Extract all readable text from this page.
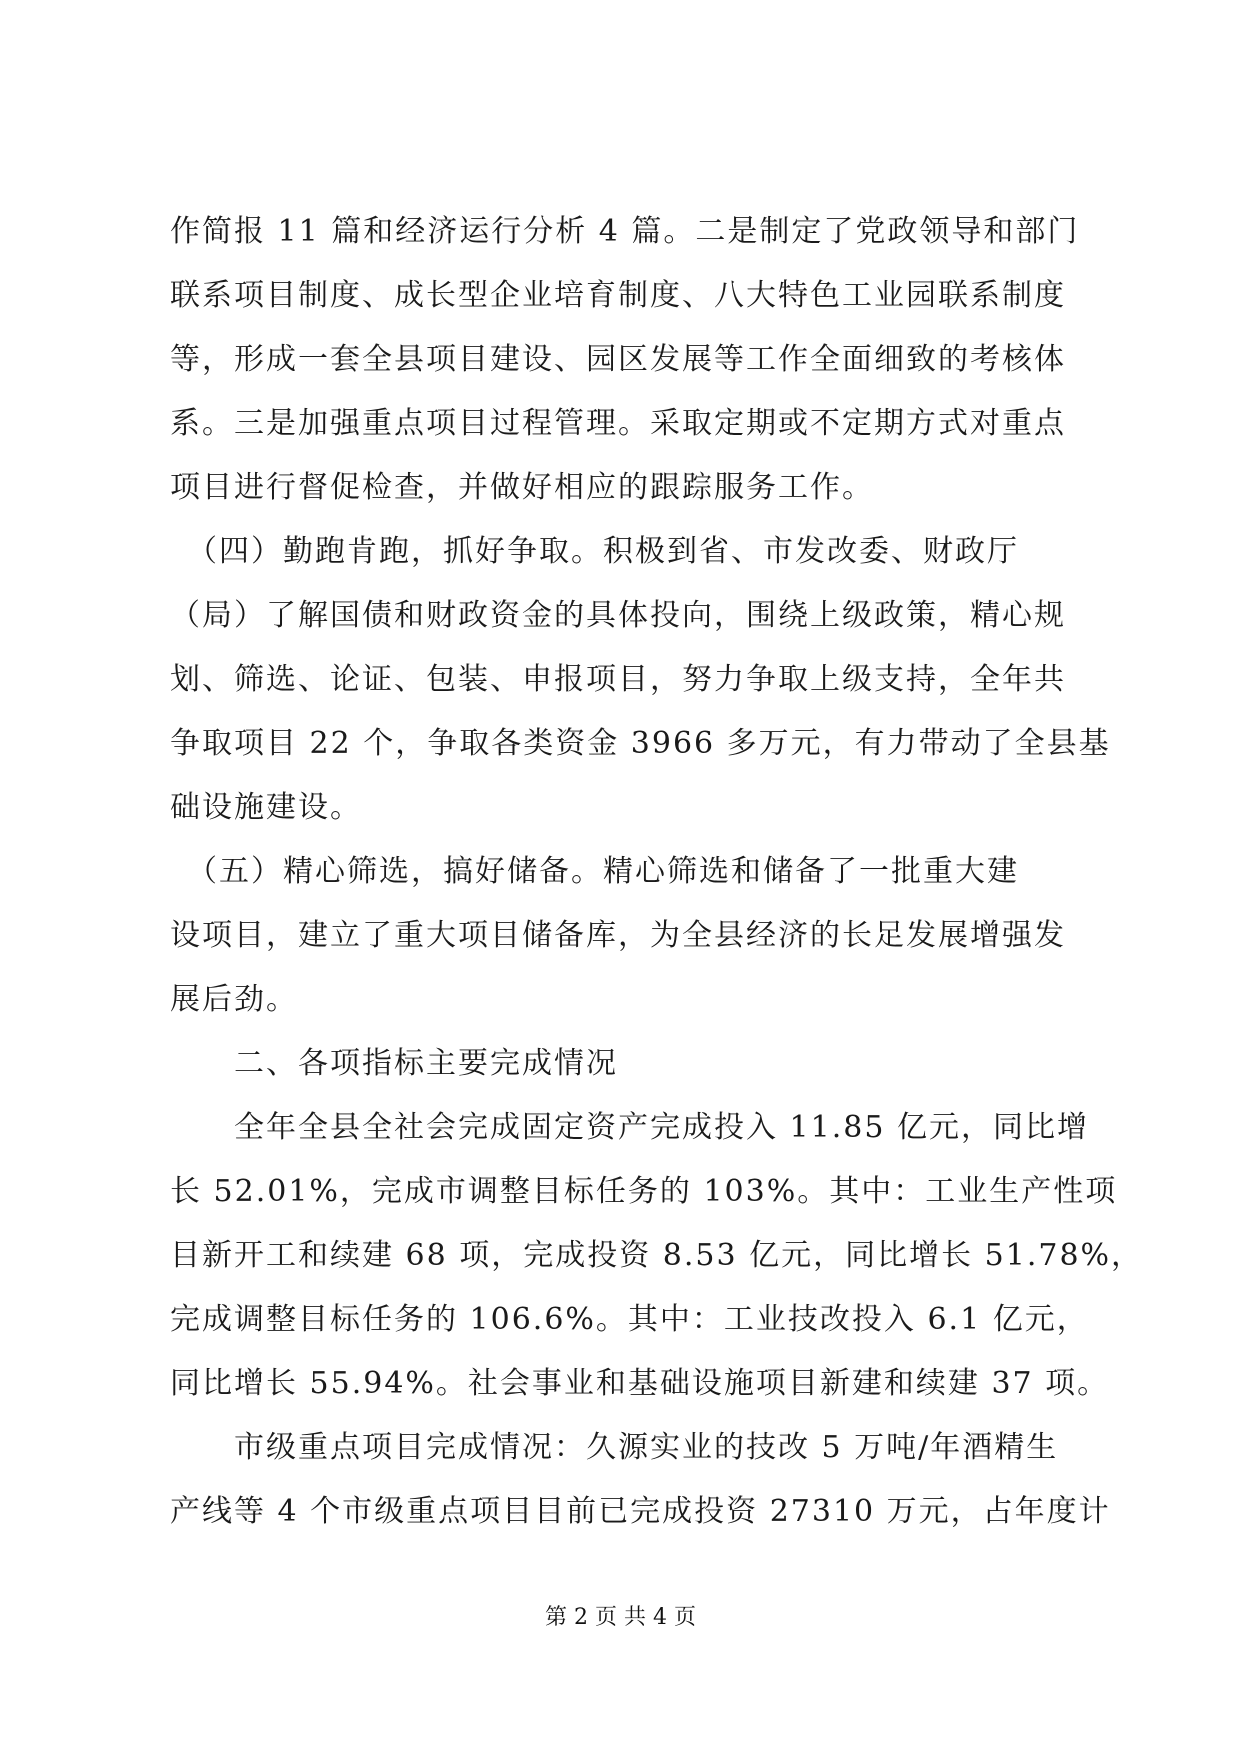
作简报 11 篇和经济运行分析 4 篇。二是制定了党政领导和部门
联系项目制度、成长型企业培育制度、八大特色工业园联系制度
等，形成一套全县项目建设、园区发展等工作全面细致的考核体
系。三是加强重点项目过程管理。采取定期或不定期方式对重点
项目进行督促检查，并做好相应的跟踪服务工作。
　（四）勤跑肯跑，抓好争取。积极到省、市发改委、财政厅
（局）了解国债和财政资金的具体投向，围绕上级政策，精心规
划、筛选、论证、包装、申报项目，努力争取上级支持，全年共
争取项目 22 个，争取各类资金 3966 多万元，有力带动了全县基
础设施建设。
　（五）精心筛选，搞好储备。精心筛选和储备了一批重大建
设项目，建立了重大项目储备库，为全县经济的长足发展增强发
展后劲。
　　二、各项指标主要完成情况
　　全年全县全社会完成固定资产完成投入 11.85 亿元，同比增
长 52.01%，完成市调整目标任务的 103%。其中：工业生产性项
目新开工和续建 68 项，完成投资 8.53 亿元，同比增长 51.78%，
完成调整目标任务的 106.6%。其中：工业技改投入 6.1 亿元，
同比增长 55.94%。社会事业和基础设施项目新建和续建 37 项。
　　市级重点项目完成情况：久源实业的技改 5 万吨/年酒精生
产线等 4 个市级重点项目目前已完成投资 27310 万元，占年度计
第 2 页 共 4 页
